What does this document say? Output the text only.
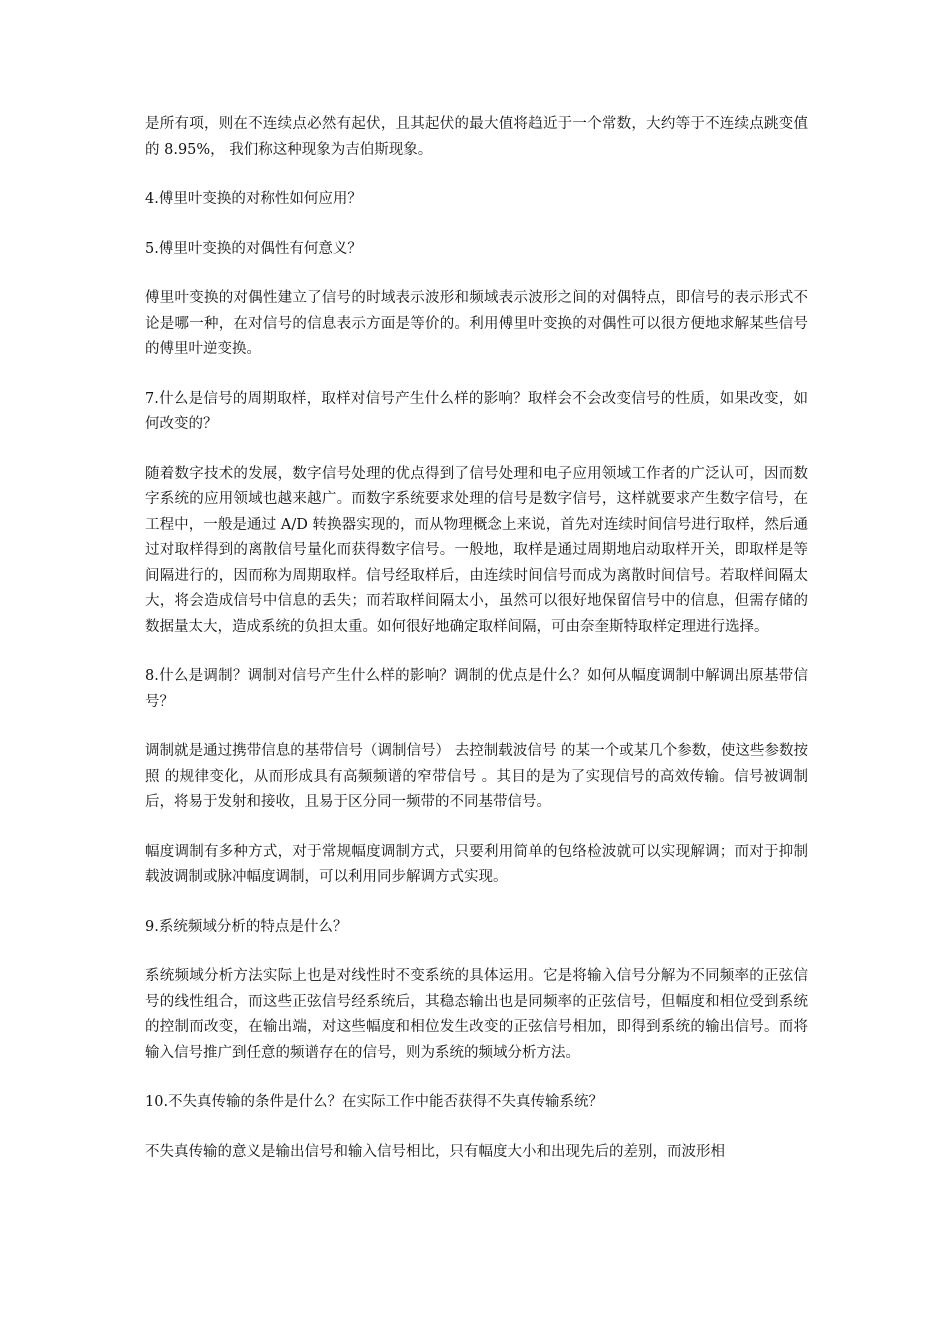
是所有项，则在不连续点必然有起伏，且其起伏的最大值将趋近于一个常数，大约等于不连续点跳变值的 8.95%， 我们称这种现象为吉伯斯现象。

4.傅里叶变换的对称性如何应用？

5.傅里叶变换的对偶性有何意义？

傅里叶变换的对偶性建立了信号的时域表示波形和频域表示波形之间的对偶特点，即信号的表示形式不论是哪一种，在对信号的信息表示方面是等价的。利用傅里叶变换的对偶性可以很方便地求解某些信号的傅里叶逆变换。

7.什么是信号的周期取样，取样对信号产生什么样的影响？取样会不会改变信号的性质，如果改变，如何改变的？

随着数字技术的发展，数字信号处理的优点得到了信号处理和电子应用领域工作者的广泛认可，因而数字系统的应用领域也越来越广。而数字系统要求处理的信号是数字信号，这样就要求产生数字信号，在工程中，一般是通过 A/D 转换器实现的，而从物理概念上来说，首先对连续时间信号进行取样，然后通过对取样得到的离散信号量化而获得数字信号。一般地，取样是通过周期地启动取样开关，即取样是等间隔进行的，因而称为周期取样。信号经取样后，由连续时间信号而成为离散时间信号。若取样间隔太大，将会造成信号中信息的丢失；而若取样间隔太小，虽然可以很好地保留信号中的信息，但需存储的数据量太大，造成系统的负担太重。如何很好地确定取样间隔，可由奈奎斯特取样定理进行选择。

8.什么是调制？调制对信号产生什么样的影响？调制的优点是什么？如何从幅度调制中解调出原基带信号？

调制就是通过携带信息的基带信号（调制信号） 去控制载波信号 的某一个或某几个参数，使这些参数按照 的规律变化，从而形成具有高频频谱的窄带信号 。其目的是为了实现信号的高效传输。信号被调制后，将易于发射和接收，且易于区分同一频带的不同基带信号。

幅度调制有多种方式，对于常规幅度调制方式，只要利用简单的包络检波就可以实现解调；而对于抑制载波调制或脉冲幅度调制，可以利用同步解调方式实现。

9.系统频域分析的特点是什么？

系统频域分析方法实际上也是对线性时不变系统的具体运用。它是将输入信号分解为不同频率的正弦信号的线性组合，而这些正弦信号经系统后，其稳态输出也是同频率的正弦信号，但幅度和相位受到系统的控制而改变，在输出端，对这些幅度和相位发生改变的正弦信号相加，即得到系统的输出信号。而将输入信号推广到任意的频谱存在的信号，则为系统的频域分析方法。

10.不失真传输的条件是什么？在实际工作中能否获得不失真传输系统？

不失真传输的意义是输出信号和输入信号相比，只有幅度大小和出现先后的差别，而波形相
